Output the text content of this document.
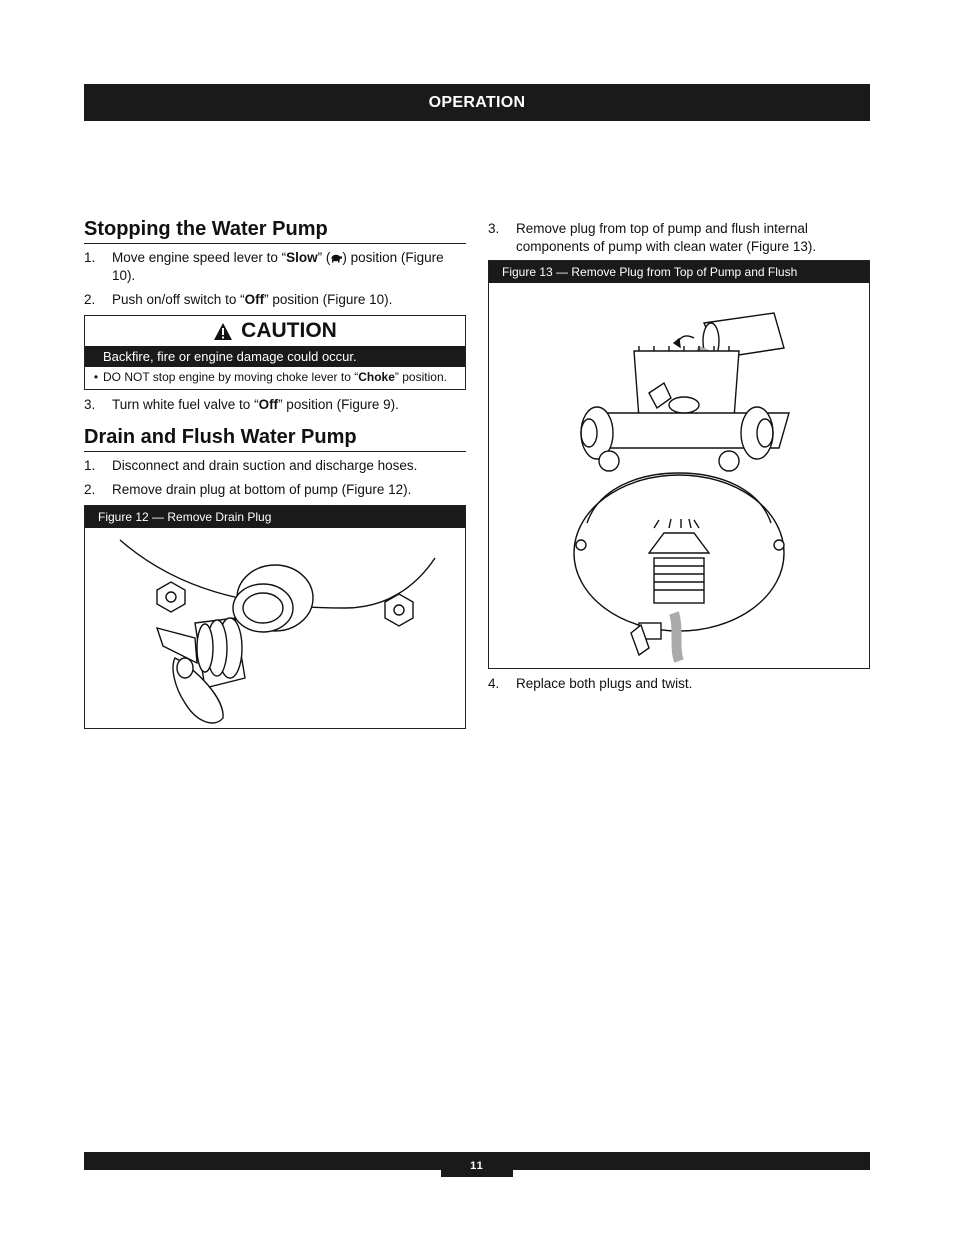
OPERATION
Stopping the Water Pump
1.	Move engine speed lever to “Slow” ( ) position (Figure 10).
2.	Push on/off switch to “Off” position (Figure 10).
CAUTION
Backfire, fire or engine damage could occur.
• DO NOT stop engine by moving choke lever to “Choke” position.
3.	Turn white fuel valve to “Off” position (Figure 9).
Drain and Flush Water Pump
1.	Disconnect and drain suction and discharge hoses.
2.	Remove drain plug at bottom of pump (Figure 12).
Figure 12 — Remove Drain Plug
3.	Remove plug from top of pump and flush internal components of pump with clean water (Figure 13).
Figure 13 — Remove Plug from Top of Pump and Flush
4.	Replace both plugs and twist.
11
